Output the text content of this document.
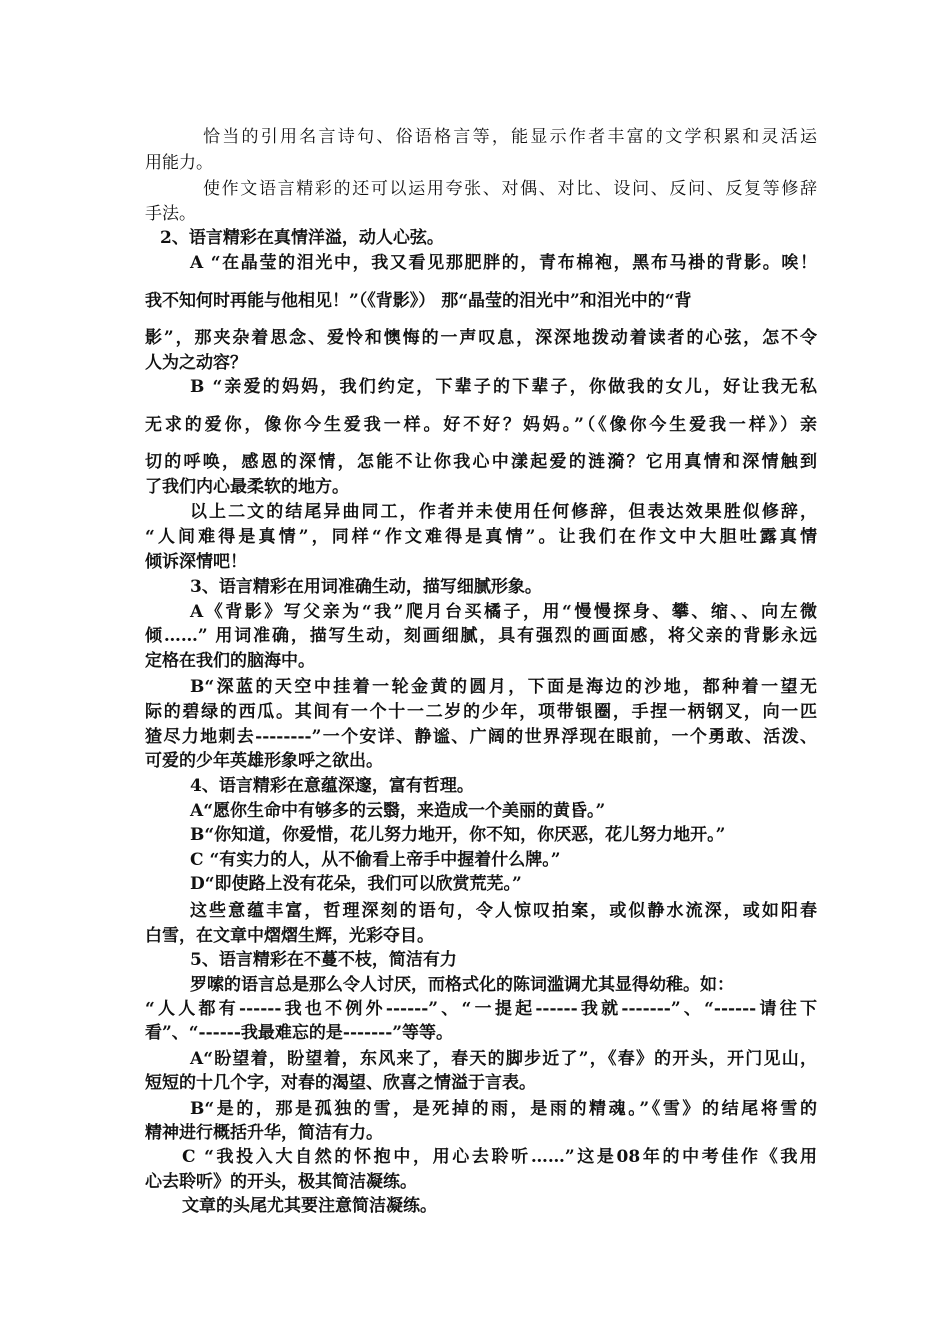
恰当的引用名言诗句、俗语格言等，能显示作者丰富的文学积累和灵活运
用能力。
使作文语言精彩的还可以运用夸张、对偶、对比、设问、反问、反复等修辞
手法。
2、语言精彩在真情洋溢，动人心弦。
A “在晶莹的泪光中，我又看见那肥胖的，青布棉袍，黑布马褂的背影。唉！
我不知何时再能与他相见！”（《背影》） 那“晶莹的泪光中”和泪光中的“背
影”，那夹杂着思念、爱怜和懊悔的一声叹息，深深地拨动着读者的心弦，怎不令
人为之动容？
B “亲爱的妈妈，我们约定，下辈子的下辈子，你做我的女儿，好让我无私
无求的爱你，像你今生爱我一样。好不好？妈妈。”（《像你今生爱我一样》）亲
切的呼唤，感恩的深情，怎能不让你我心中漾起爱的涟漪？它用真情和深情触到
了我们内心最柔软的地方。
以上二文的结尾异曲同工，作者并未使用任何修辞，但表达效果胜似修辞，
“人间难得是真情”，同样“作文难得是真情”。让我们在作文中大胆吐露真情
倾诉深情吧！
3、语言精彩在用词准确生动，描写细腻形象。
A《背影》写父亲为“我”爬月台买橘子，用“慢慢探身、攀、缩、、向左微
倾……” 用词准确，描写生动，刻画细腻，具有强烈的画面感，将父亲的背影永远
定格在我们的脑海中。
B“深蓝的天空中挂着一轮金黄的圆月，下面是海边的沙地，都种着一望无
际的碧绿的西瓜。其间有一个十一二岁的少年，项带银圈，手捏一柄钢叉，向一匹
猹尽力地刺去--------”一个安详、静谧、广阔的世界浮现在眼前，一个勇敢、活泼、
可爱的少年英雄形象呼之欲出。
4、语言精彩在意蕴深邃，富有哲理。
A“愿你生命中有够多的云翳，来造成一个美丽的黄昏。”
B“你知道，你爱惜，花儿努力地开，你不知，你厌恶，花儿努力地开。”
C “有实力的人，从不偷看上帝手中握着什么牌。”
D“即使路上没有花朵，我们可以欣赏荒芜。”
这些意蕴丰富，哲理深刻的语句，令人惊叹拍案，或似静水流深，或如阳春
白雪，在文章中熠熠生辉，光彩夺目。
5、语言精彩在不蔓不枝，简洁有力
罗嗦的语言总是那么令人讨厌，而格式化的陈词滥调尤其显得幼稚。如：
“人人都有------我也不例外------”、“一提起------我就-------”、“------请往下
看”、“------我最难忘的是-------”等等。
A“盼望着，盼望着，东风来了，春天的脚步近了”，《春》的开头，开门见山，
短短的十几个字，对春的渴望、欣喜之情溢于言表。
B“是的，那是孤独的雪，是死掉的雨，是雨的精魂。”《雪》的结尾将雪的
精神进行概括升华，简洁有力。
C “我投入大自然的怀抱中，用心去聆听……”这是08年的中考佳作《我用
心去聆听》的开头，极其简洁凝练。
文章的头尾尤其要注意简洁凝练。
